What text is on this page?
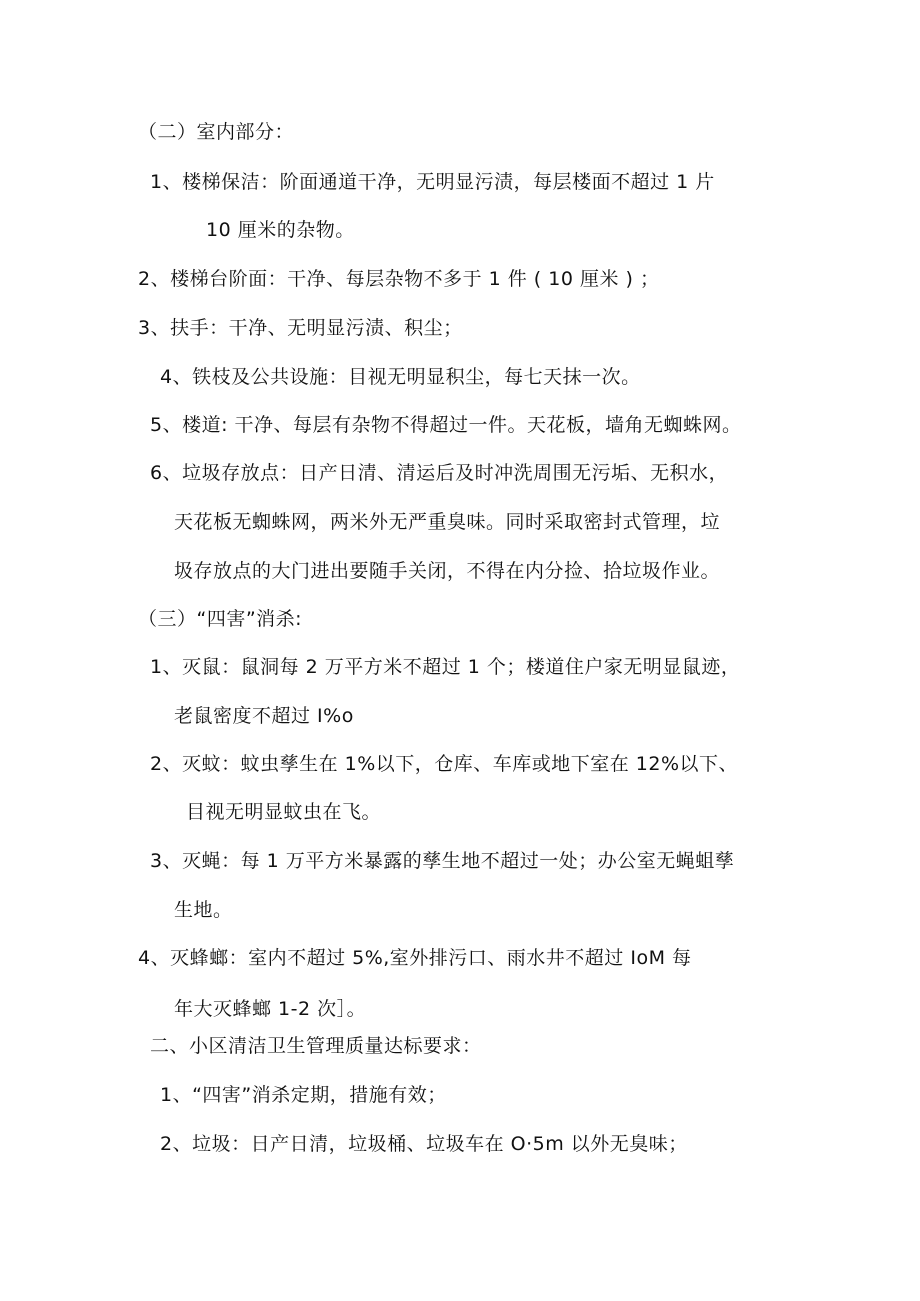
（二）室内部分：
1、楼梯保洁：阶面通道干净，无明显污渍，每层楼面不超过 1 片
10 厘米的杂物。
2、楼梯台阶面：干净、每层杂物不多于 1 件 ( 10 厘米 ) ；
3、扶手：干净、无明显污渍、积尘；
4、铁枝及公共设施：目视无明显积尘，每七天抹一次。
5、楼道: 干净、每层有杂物不得超过一件。天花板，墙角无蜘蛛网。
6、垃圾存放点：日产日清、清运后及时冲洗周围无污垢、无积水，
天花板无蜘蛛网，两米外无严重臭味。同时采取密封式管理，垃
圾存放点的大门进出要随手关闭，不得在内分捡、拾垃圾作业。
（三）“四害”消杀:
1、灭鼠：鼠洞每 2 万平方米不超过 1 个；楼道住户家无明显鼠迹，
老鼠密度不超过 I%o
2、灭蚊：蚊虫孳生在 1%以下，仓库、车库或地下室在 12%以下、
目视无明显蚊虫在飞。
3、灭蝇：每 1 万平方米暴露的孳生地不超过一处；办公室无蝇蛆孳
生地。
4、灭蜂螂：室内不超过 5%,室外排污口、雨水井不超过 IoM 每
年大灭蜂螂 1-2 次］。
二、小区清洁卫生管理质量达标要求：
1、“四害”消杀定期，措施有效；
2、垃圾：日产日清，垃圾桶、垃圾车在 O·5m 以外无臭味；
